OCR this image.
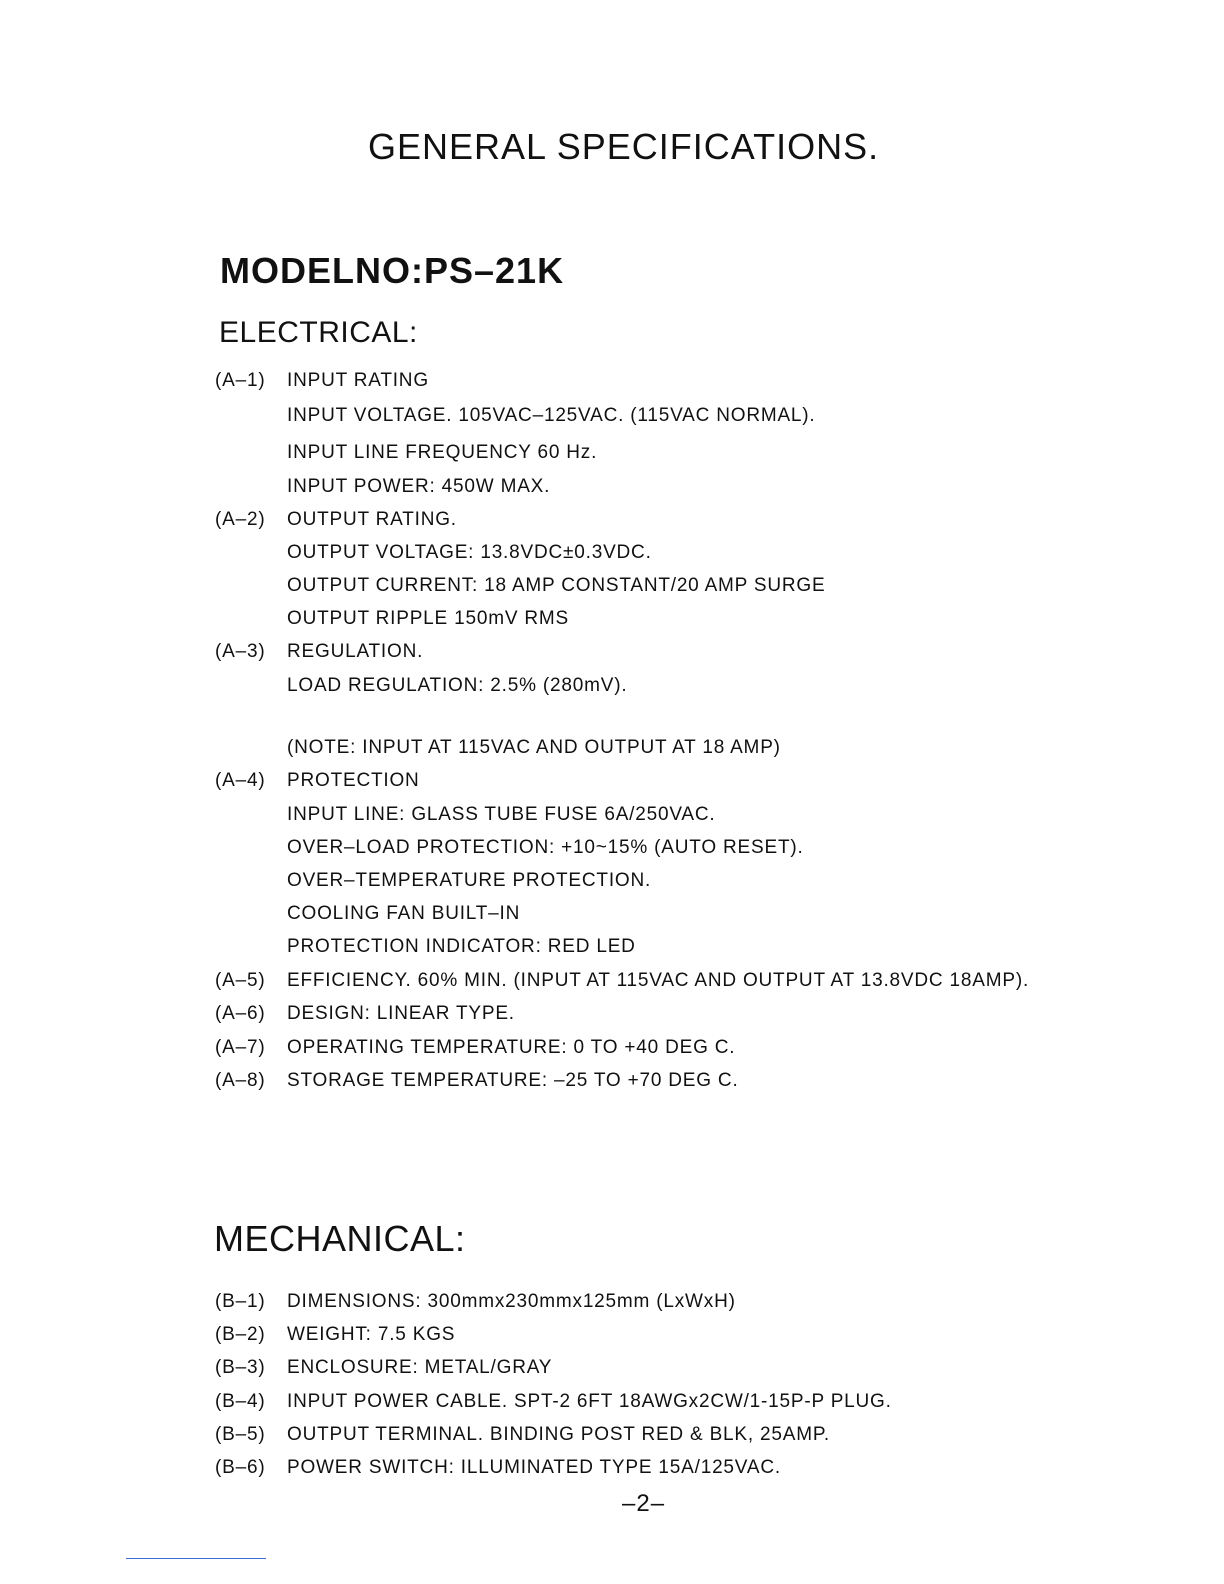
GENERAL SPECIFICATIONS.
MODELNO:PS–21K
ELECTRICAL:
(A–1) INPUT RATING
INPUT VOLTAGE. 105VAC–125VAC. (115VAC NORMAL).
INPUT LINE FREQUENCY 60 Hz.
INPUT POWER: 450W MAX.
(A–2) OUTPUT RATING.
OUTPUT VOLTAGE: 13.8VDC±0.3VDC.
OUTPUT CURRENT: 18 AMP CONSTANT/20 AMP SURGE
OUTPUT RIPPLE 150mV RMS
(A–3) REGULATION.
LOAD REGULATION: 2.5% (280mV).
(NOTE: INPUT AT 115VAC AND OUTPUT AT 18 AMP)
(A–4) PROTECTION
INPUT LINE: GLASS TUBE FUSE 6A/250VAC.
OVER–LOAD PROTECTION: +10~15% (AUTO RESET).
OVER–TEMPERATURE PROTECTION.
COOLING FAN BUILT–IN
PROTECTION INDICATOR: RED LED
(A–5) EFFICIENCY. 60% MIN. (INPUT AT 115VAC AND OUTPUT AT 13.8VDC 18AMP).
(A–6) DESIGN: LINEAR TYPE.
(A–7) OPERATING TEMPERATURE: 0 TO +40 DEG C.
(A–8) STORAGE TEMPERATURE: –25 TO +70 DEG C.
MECHANICAL:
(B–1) DIMENSIONS: 300mmx230mmx125mm (LxWxH)
(B–2) WEIGHT: 7.5 KGS
(B–3) ENCLOSURE: METAL/GRAY
(B–4) INPUT POWER CABLE. SPT-2 6FT 18AWGx2CW/1-15P-P PLUG.
(B–5) OUTPUT TERMINAL. BINDING POST RED & BLK, 25AMP.
(B–6) POWER SWITCH: ILLUMINATED TYPE 15A/125VAC.
–2–
